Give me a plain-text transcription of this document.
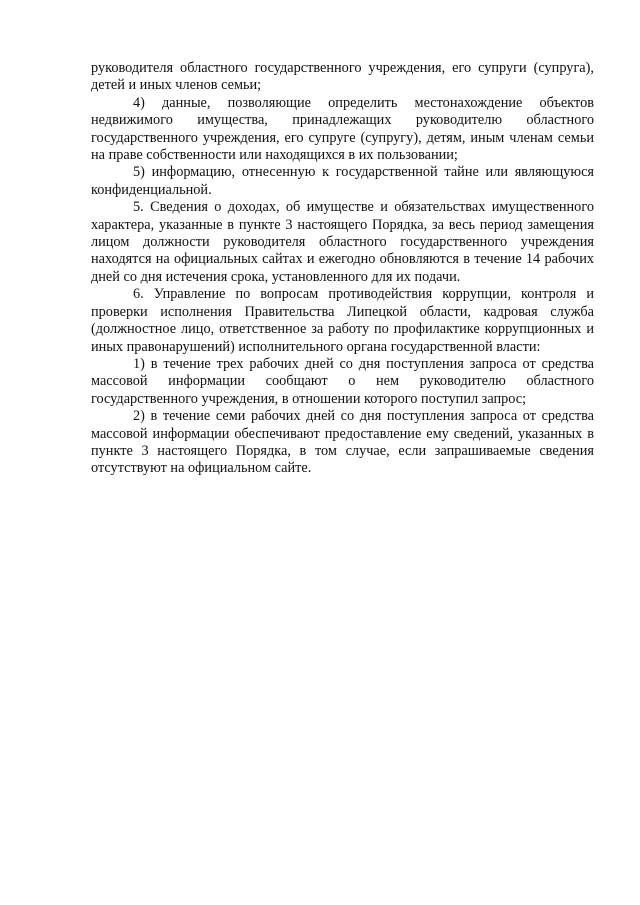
руководителя областного государственного учреждения, его супруги (супруга), детей и иных членов семьи;

4) данные, позволяющие определить местонахождение объектов недвижимого имущества, принадлежащих руководителю областного государственного учреждения, его супруге (супругу), детям, иным членам семьи на праве собственности или находящихся в их пользовании;

5) информацию, отнесенную к государственной тайне или являющуюся конфиденциальной.

5. Сведения о доходах, об имуществе и обязательствах имущественного характера, указанные в пункте 3 настоящего Порядка, за весь период замещения лицом должности руководителя областного государственного учреждения находятся на официальных сайтах и ежегодно обновляются в течение 14 рабочих дней со дня истечения срока, установленного для их подачи.

6. Управление по вопросам противодействия коррупции, контроля и проверки исполнения Правительства Липецкой области, кадровая служба (должностное лицо, ответственное за работу по профилактике коррупционных и иных правонарушений) исполнительного органа государственной власти:

1) в течение трех рабочих дней со дня поступления запроса от средства массовой информации сообщают о нем руководителю областного государственного учреждения, в отношении которого поступил запрос;

2) в течение семи рабочих дней со дня поступления запроса от средства массовой информации обеспечивают предоставление ему сведений, указанных в пункте 3 настоящего Порядка, в том случае, если запрашиваемые сведения отсутствуют на официальном сайте.
